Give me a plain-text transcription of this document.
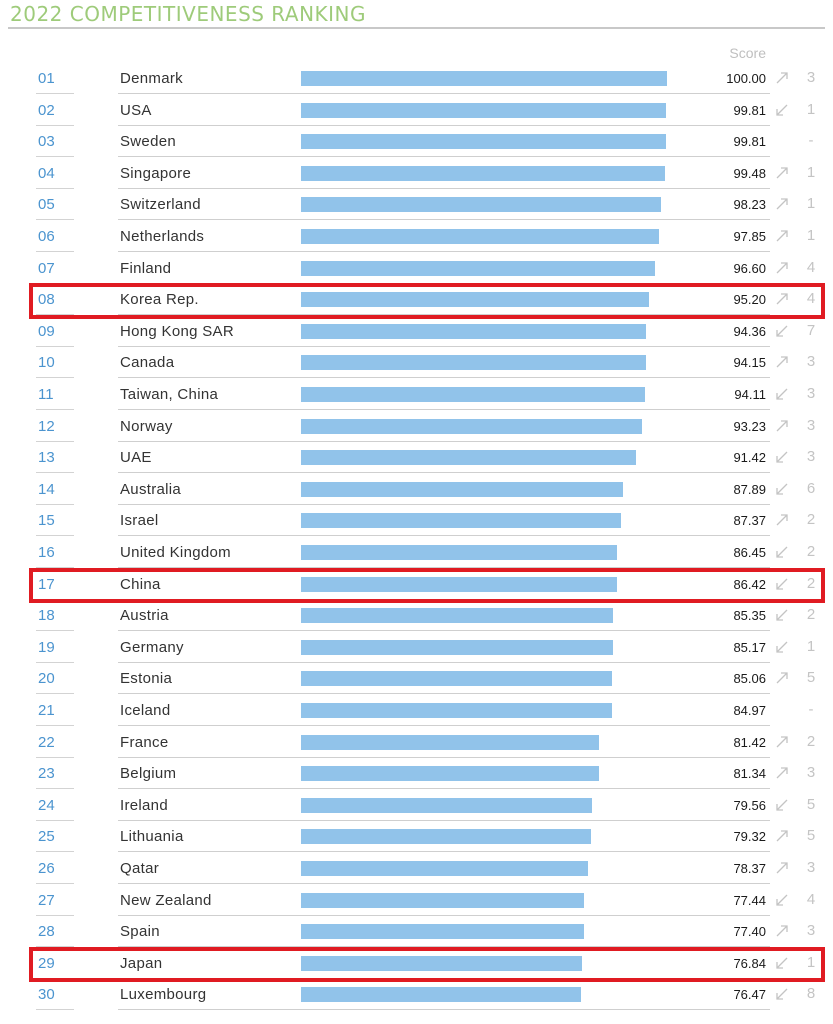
2022 COMPETITIVENESS RANKING
Score
01	Denmark	100.00	3
02	USA	99.81	1
03	Sweden	99.81	-
04	Singapore	99.48	1
05	Switzerland	98.23	1
06	Netherlands	97.85	1
07	Finland	96.60	4
08	Korea Rep.	95.20	4
09	Hong Kong SAR	94.36	7
10	Canada	94.15	3
11	Taiwan, China	94.11	3
12	Norway	93.23	3
13	UAE	91.42	3
14	Australia	87.89	6
15	Israel	87.37	2
16	United Kingdom	86.45	2
17	China	86.42	2
18	Austria	85.35	2
19	Germany	85.17	1
20	Estonia	85.06	5
21	Iceland	84.97	-
22	France	81.42	2
23	Belgium	81.34	3
24	Ireland	79.56	5
25	Lithuania	79.32	5
26	Qatar	78.37	3
27	New Zealand	77.44	4
28	Spain	77.40	3
29	Japan	76.84	1
30	Luxembourg	76.47	8
